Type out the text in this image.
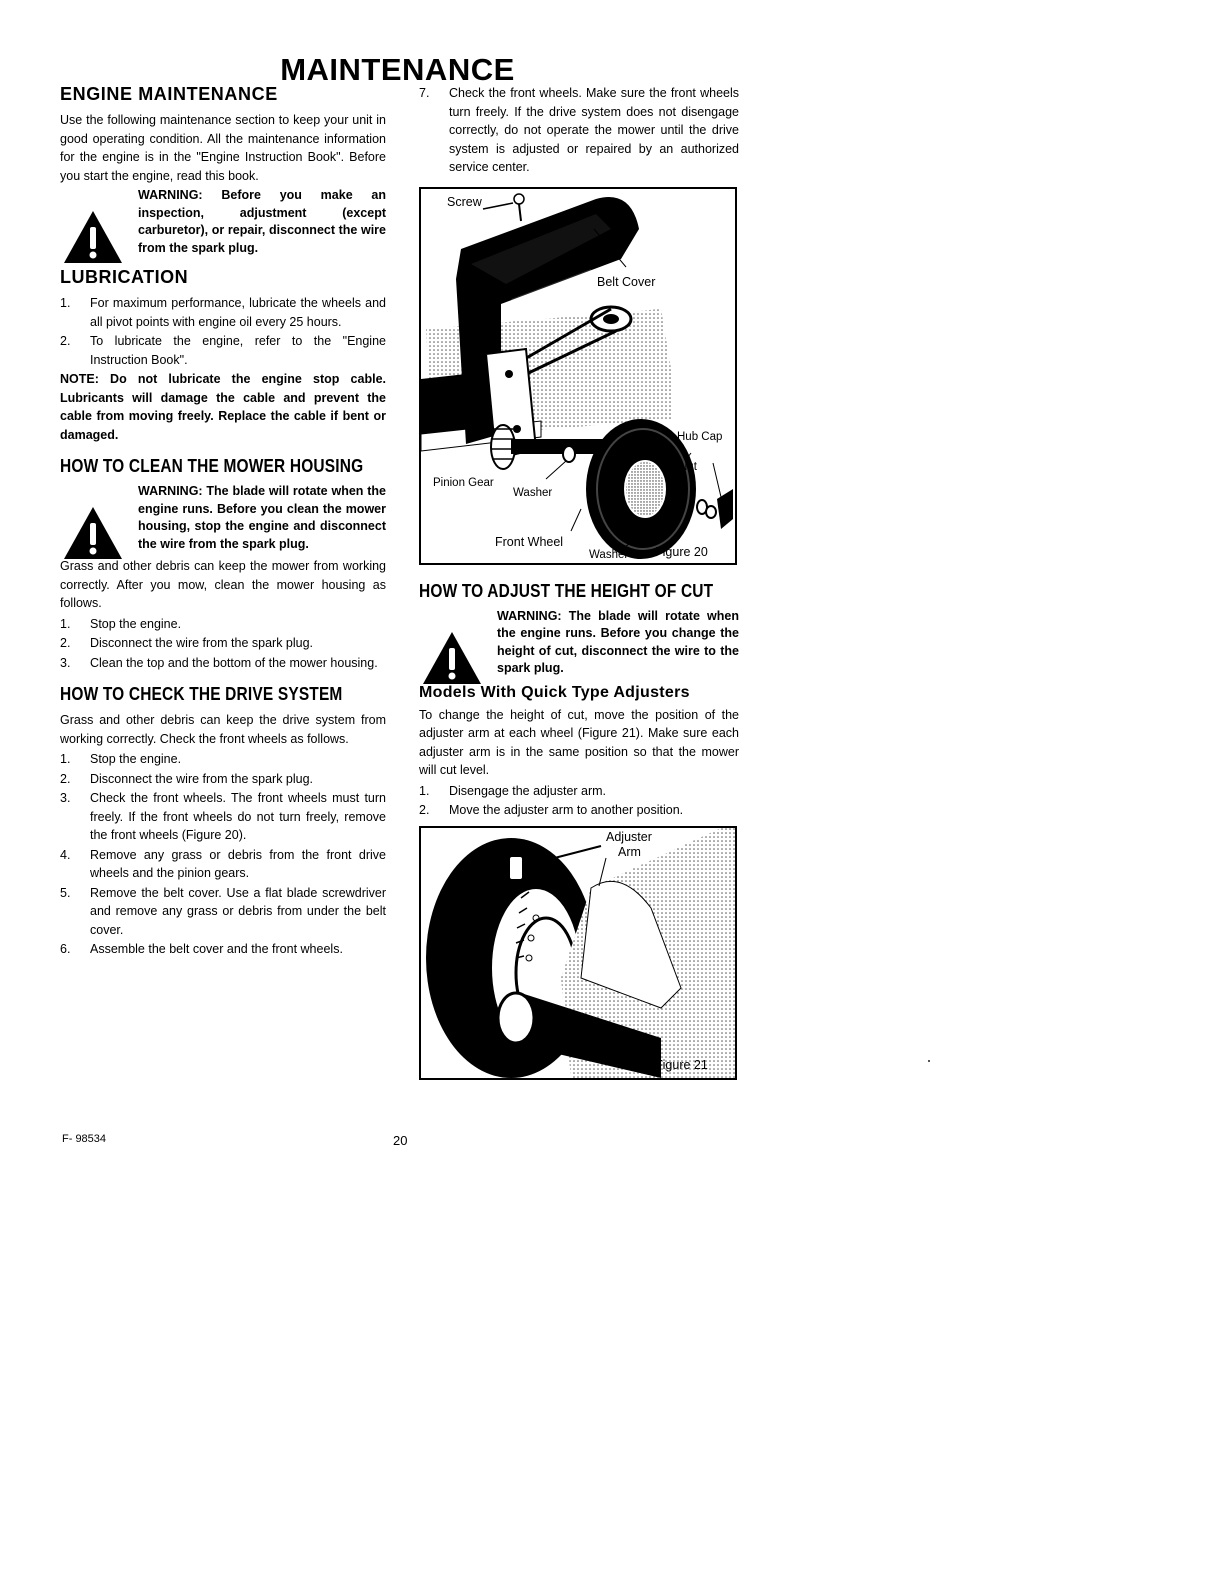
MAINTENANCE
ENGINE MAINTENANCE

Use the following maintenance section to keep your unit in good operating condition. All the maintenance information for the engine is in the "Engine Instruction Book". Before you start the engine, read this book.

WARNING: Before you make an inspection, adjustment (except carburetor), or repair, disconnect the wire from the spark plug.
LUBRICATION
1. For maximum performance, lubricate the wheels and all pivot points with engine oil every 25 hours.
2. To lubricate the engine, refer to the "Engine Instruction Book".

NOTE: Do not lubricate the engine stop cable. Lubricants will damage the cable and prevent the cable from moving freely. Replace the cable if bent or damaged.

HOW TO CLEAN THE MOWER HOUSING
WARNING: The blade will rotate when the engine runs. Before you clean the mower housing, stop the engine and disconnect the wire from the spark plug.

Grass and other debris can keep the mower from working correctly. After you mow, clean the mower housing as follows.

1. Stop the engine.
2. Disconnect the wire from the spark plug.
3. Clean the top and the bottom of the mower housing.
HOW TO CHECK THE DRIVE SYSTEM

Grass and other debris can keep the drive system from working correctly. Check the front wheels as follows.

1. Stop the engine.
2. Disconnect the wire from the spark plug.
3. Check the front wheels. The front wheels must turn freely. If the front wheels do not turn freely, remove the front wheels (Figure 20).
4. Remove any grass or debris from the front drive wheels and the pinion gears.
5. Remove the belt cover. Use a flat blade screwdriver and remove any grass or debris from under the belt cover.
6. Assemble the belt cover and the front wheels.
7. Check the front wheels. Make sure the front wheels turn freely. If the drive system does not disengage correctly, do not operate the mower until the drive system is adjusted or repaired by an authorized service center.
Screw
Belt Cover
Hub Cap
Nut
Pinion Gear
Washer
Front Wheel
Washer Figure 20
HOW TO ADJUST THE HEIGHT OF CUT
WARNING: The blade will rotate when the engine runs. Before you change the height of cut, disconnect the wire to the spark plug.
Models With Quick Type Adjusters

To change the height of cut, move the position of the adjuster arm at each wheel (Figure 21). Make sure each adjuster arm is in the same position so that the mower will cut level.

1. Disengage the adjuster arm.
2. Move the adjuster arm to another position.
Adjuster
Arm
Figure 21
F- 98534	20
